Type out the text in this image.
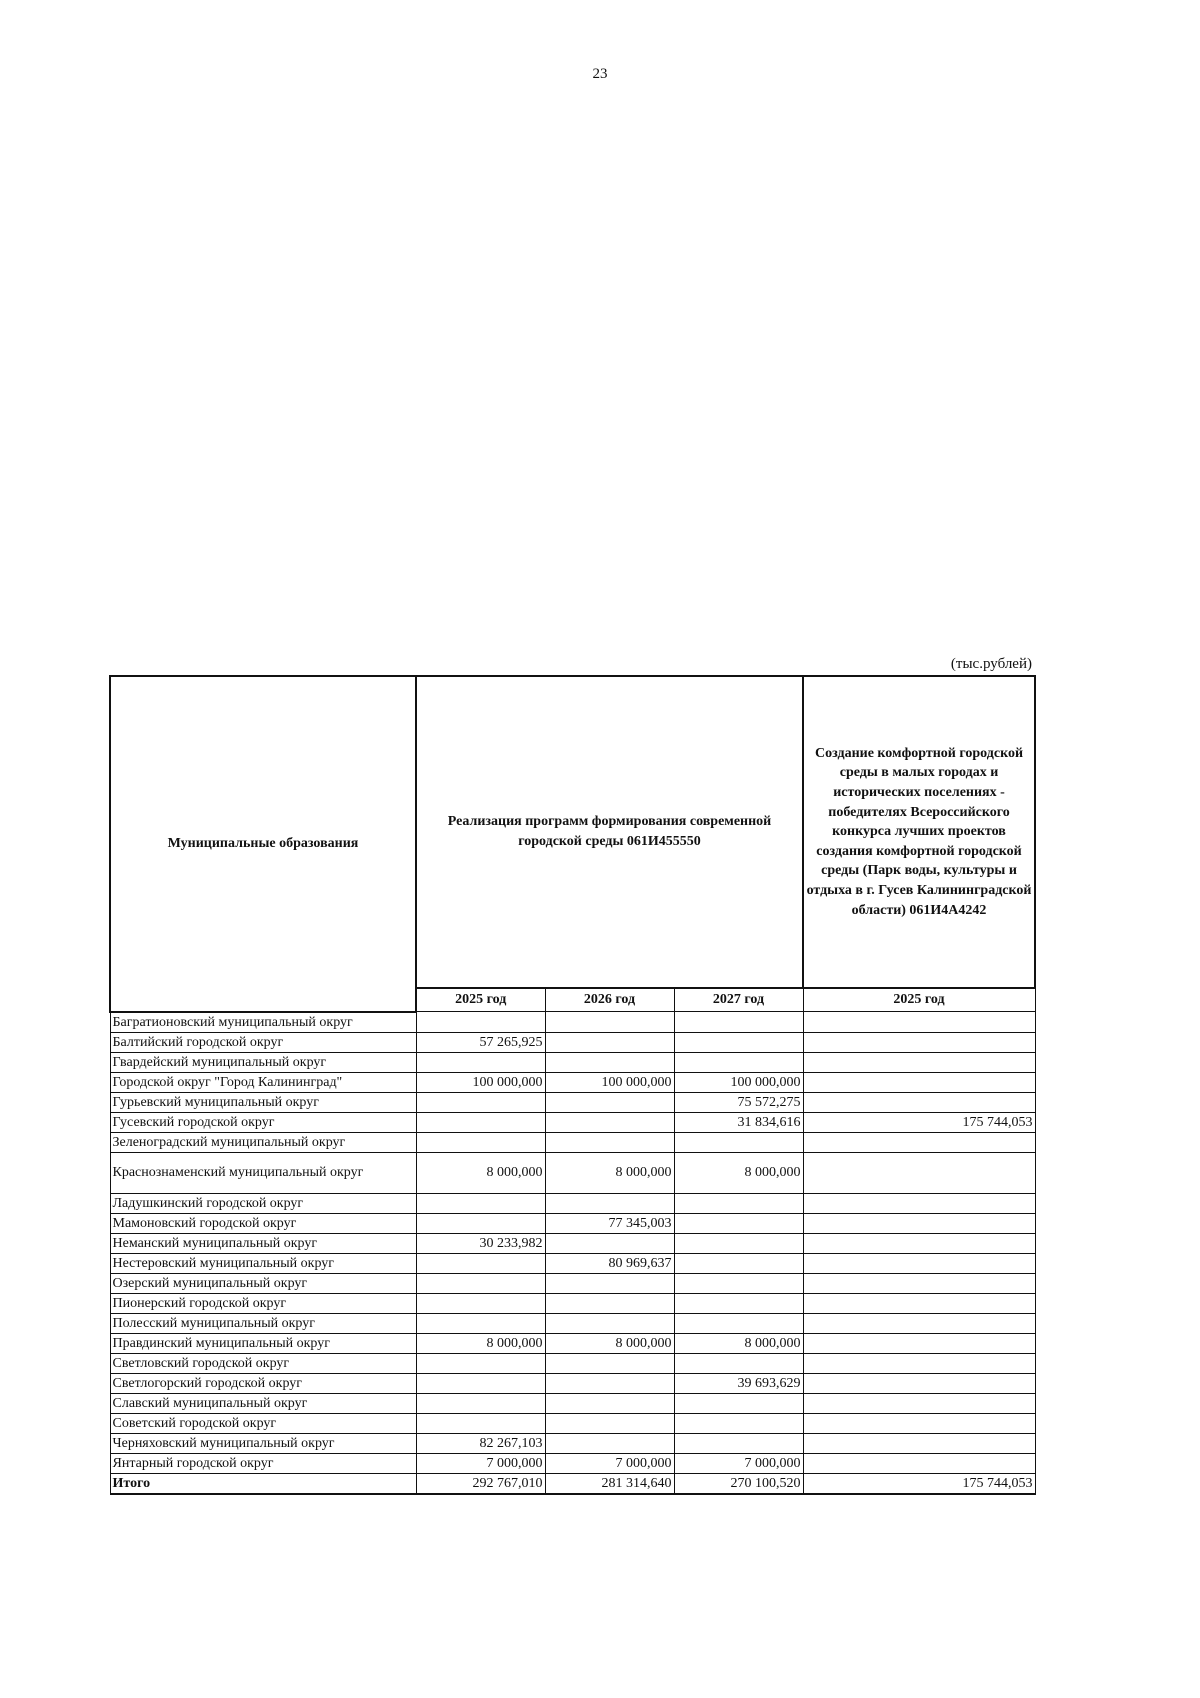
23
(тыс.рублей)
Муниципальные образования	Реализация программ формирования современной городской среды 061И455550			Создание комфортной городской среды в малых городах и исторических поселениях - победителях Всероссийского конкурса лучших проектов создания комфортной городской среды (Парк воды, культуры и отдыха в г. Гусев Калининградской области) 061И4А4242
	2025 год	2026 год	2027 год	2025 год
Багратионовский муниципальный округ				
Балтийский городской округ	57 265,925			
Гвардейский муниципальный округ				
Городской округ "Город Калининград"	100 000,000	100 000,000	100 000,000	
Гурьевский муниципальный округ			75 572,275	
Гусевский городской округ			31 834,616	175 744,053
Зеленоградский муниципальный округ				
Краснознаменский муниципальный округ	8 000,000	8 000,000	8 000,000	
Ладушкинский городской округ				
Мамоновский городской округ		77 345,003		
Неманский муниципальный округ	30 233,982			
Нестеровский муниципальный округ		80 969,637		
Озерский муниципальный округ				
Пионерский городской округ				
Полесский муниципальный округ				
Правдинский муниципальный округ	8 000,000	8 000,000	8 000,000	
Светловский городской округ				
Светлогорский городской округ			39 693,629	
Славский муниципальный округ				
Советский городской округ				
Черняховский муниципальный округ	82 267,103			
Янтарный городской округ	7 000,000	7 000,000	7 000,000	
Итого	292 767,010	281 314,640	270 100,520	175 744,053
